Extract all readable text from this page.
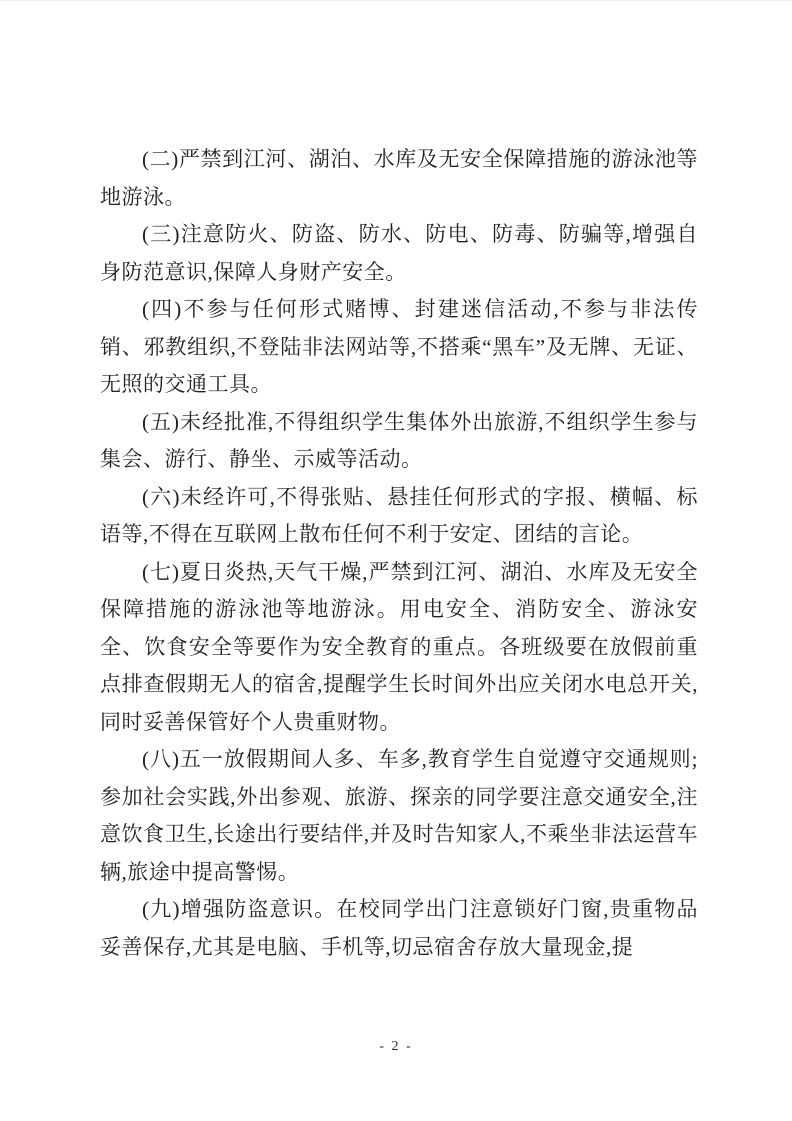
(二)严禁到江河、湖泊、水库及无安全保障措施的游泳池等地游泳。

(三)注意防火、防盗、防水、防电、防毒、防骗等,增强自身防范意识,保障人身财产安全。

(四)不参与任何形式赌博、封建迷信活动,不参与非法传销、邪教组织,不登陆非法网站等,不搭乘“黑车”及无牌、无证、无照的交通工具。

(五)未经批准,不得组织学生集体外出旅游,不组织学生参与集会、游行、静坐、示威等活动。

(六)未经许可,不得张贴、悬挂任何形式的字报、横幅、标语等,不得在互联网上散布任何不利于安定、团结的言论。

(七)夏日炎热,天气干燥,严禁到江河、湖泊、水库及无安全保障措施的游泳池等地游泳。用电安全、消防安全、游泳安全、饮食安全等要作为安全教育的重点。各班级要在放假前重点排查假期无人的宿舍,提醒学生长时间外出应关闭水电总开关,同时妥善保管好个人贵重财物。

(八)五一放假期间人多、车多,教育学生自觉遵守交通规则;参加社会实践,外出参观、旅游、探亲的同学要注意交通安全,注意饮食卫生,长途出行要结伴,并及时告知家人,不乘坐非法运营车辆,旅途中提高警惕。

(九)增强防盗意识。在校同学出门注意锁好门窗,贵重物品妥善保存,尤其是电脑、手机等,切忌宿舍存放大量现金,提

- 2 -
